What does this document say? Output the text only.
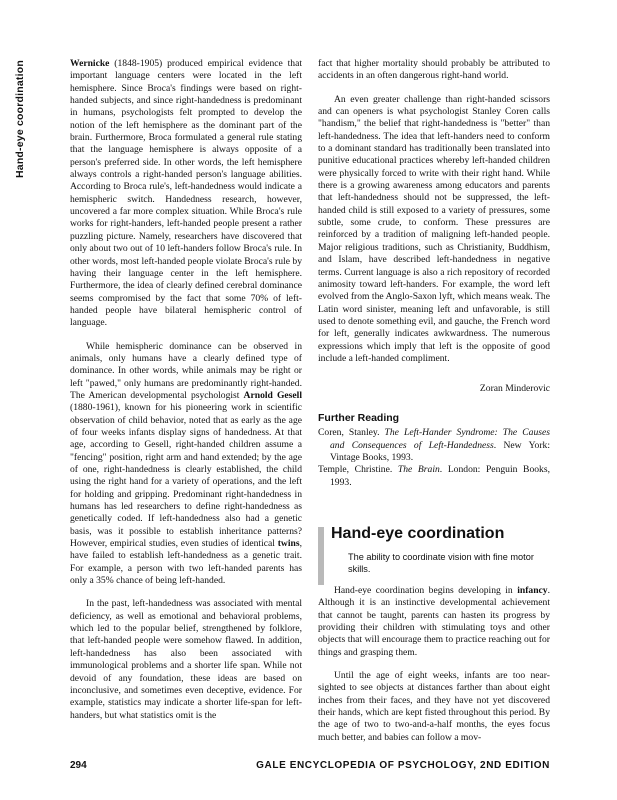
Hand-eye coordination	Wernicke (1848-1905) produced empirical evidence that important language centers were located in the left hemisphere. Since Broca's findings were based on right-handed subjects, and since right-handedness is predominant in humans, psychologists felt prompted to develop the notion of the left hemisphere as the dominant part of the brain. Furthermore, Broca formulated a general rule stating that the language hemisphere is always opposite of a person's preferred side. In other words, the left hemisphere always controls a right-handed person's language abilities. According to Broca rule's, left-handedness would indicate a hemispheric switch. Handedness research, however, uncovered a far more complex situation. While Broca's rule works for right-handers, left-handed people present a rather puzzling picture. Namely, researchers have discovered that only about two out of 10 left-handers follow Broca's rule. In other words, most left-handed people violate Broca's rule by having their language center in the left hemisphere. Furthermore, the idea of clearly defined cerebral dominance seems compromised by the fact that some 70% of left-handed people have bilateral hemispheric control of language.

While hemispheric dominance can be observed in animals, only humans have a clearly defined type of dominance. In other words, while animals may be right or left "pawed," only humans are predominantly right-handed. The American developmental psychologist Arnold Gesell (1880-1961), known for his pioneering work in scientific observation of child behavior, noted that as early as the age of four weeks infants display signs of handedness. At that age, according to Gesell, right-handed children assume a "fencing" position, right arm and hand extended; by the age of one, right-handedness is clearly established, the child using the right hand for a variety of operations, and the left for holding and gripping. Predominant right-handedness in humans has led researchers to define right-handedness as genetically coded. If left-handedness also had a genetic basis, was it possible to establish inheritance patterns? However, empirical studies, even studies of identical twins, have failed to establish left-handedness as a genetic trait. For example, a person with two left-handed parents has only a 35% chance of being left-handed.

In the past, left-handedness was associated with mental deficiency, as well as emotional and behavioral problems, which led to the popular belief, strengthened by folklore, that left-handed people were somehow flawed. In addition, left-handedness has also been associated with immunological problems and a shorter life span. While not devoid of any foundation, these ideas are based on inconclusive, and sometimes even deceptive, evidence. For example, statistics may indicate a shorter life-span for left-handers, but what statistics omit is the

fact that higher mortality should probably be attributed to accidents in an often dangerous right-hand world.

An even greater challenge than right-handed scissors and can openers is what psychologist Stanley Coren calls "handism," the belief that right-handedness is "better" than left-handedness. The idea that left-handers need to conform to a dominant standard has traditionally been translated into punitive educational practices whereby left-handed children were physically forced to write with their right hand. While there is a growing awareness among educators and parents that left-handedness should not be suppressed, the left-handed child is still exposed to a variety of pressures, some subtle, some crude, to conform. These pressures are reinforced by a tradition of maligning left-handed people. Major religious traditions, such as Christianity, Buddhism, and Islam, have described left-handedness in negative terms. Current language is also a rich repository of recorded animosity toward left-handers. For example, the word left evolved from the Anglo-Saxon lyft, which means weak. The Latin word sinister, meaning left and unfavorable, is still used to denote something evil, and gauche, the French word for left, generally indicates awkwardness. The numerous expressions which imply that left is the opposite of good include a left-handed compliment.

Zoran Minderovic
Further Reading

Coren, Stanley. The Left-Hander Syndrome: The Causes and Consequences of Left-Handedness. New York: Vintage Books, 1993.

Temple, Christine. The Brain. London: Penguin Books, 1993.

Hand-eye coordination
The ability to coordinate vision with fine motor skills.

Hand-eye coordination begins developing in infancy. Although it is an instinctive developmental achievement that cannot be taught, parents can hasten its progress by providing their children with stimulating toys and other objects that will encourage them to practice reaching out for things and grasping them.

Until the age of eight weeks, infants are too near-sighted to see objects at distances farther than about eight inches from their faces, and they have not yet discovered their hands, which are kept fisted throughout this period. By the age of two to two-and-a-half months, the eyes focus much better, and babies can follow a mov-

294	GALE ENCYCLOPEDIA OF PSYCHOLOGY, 2ND EDITION
